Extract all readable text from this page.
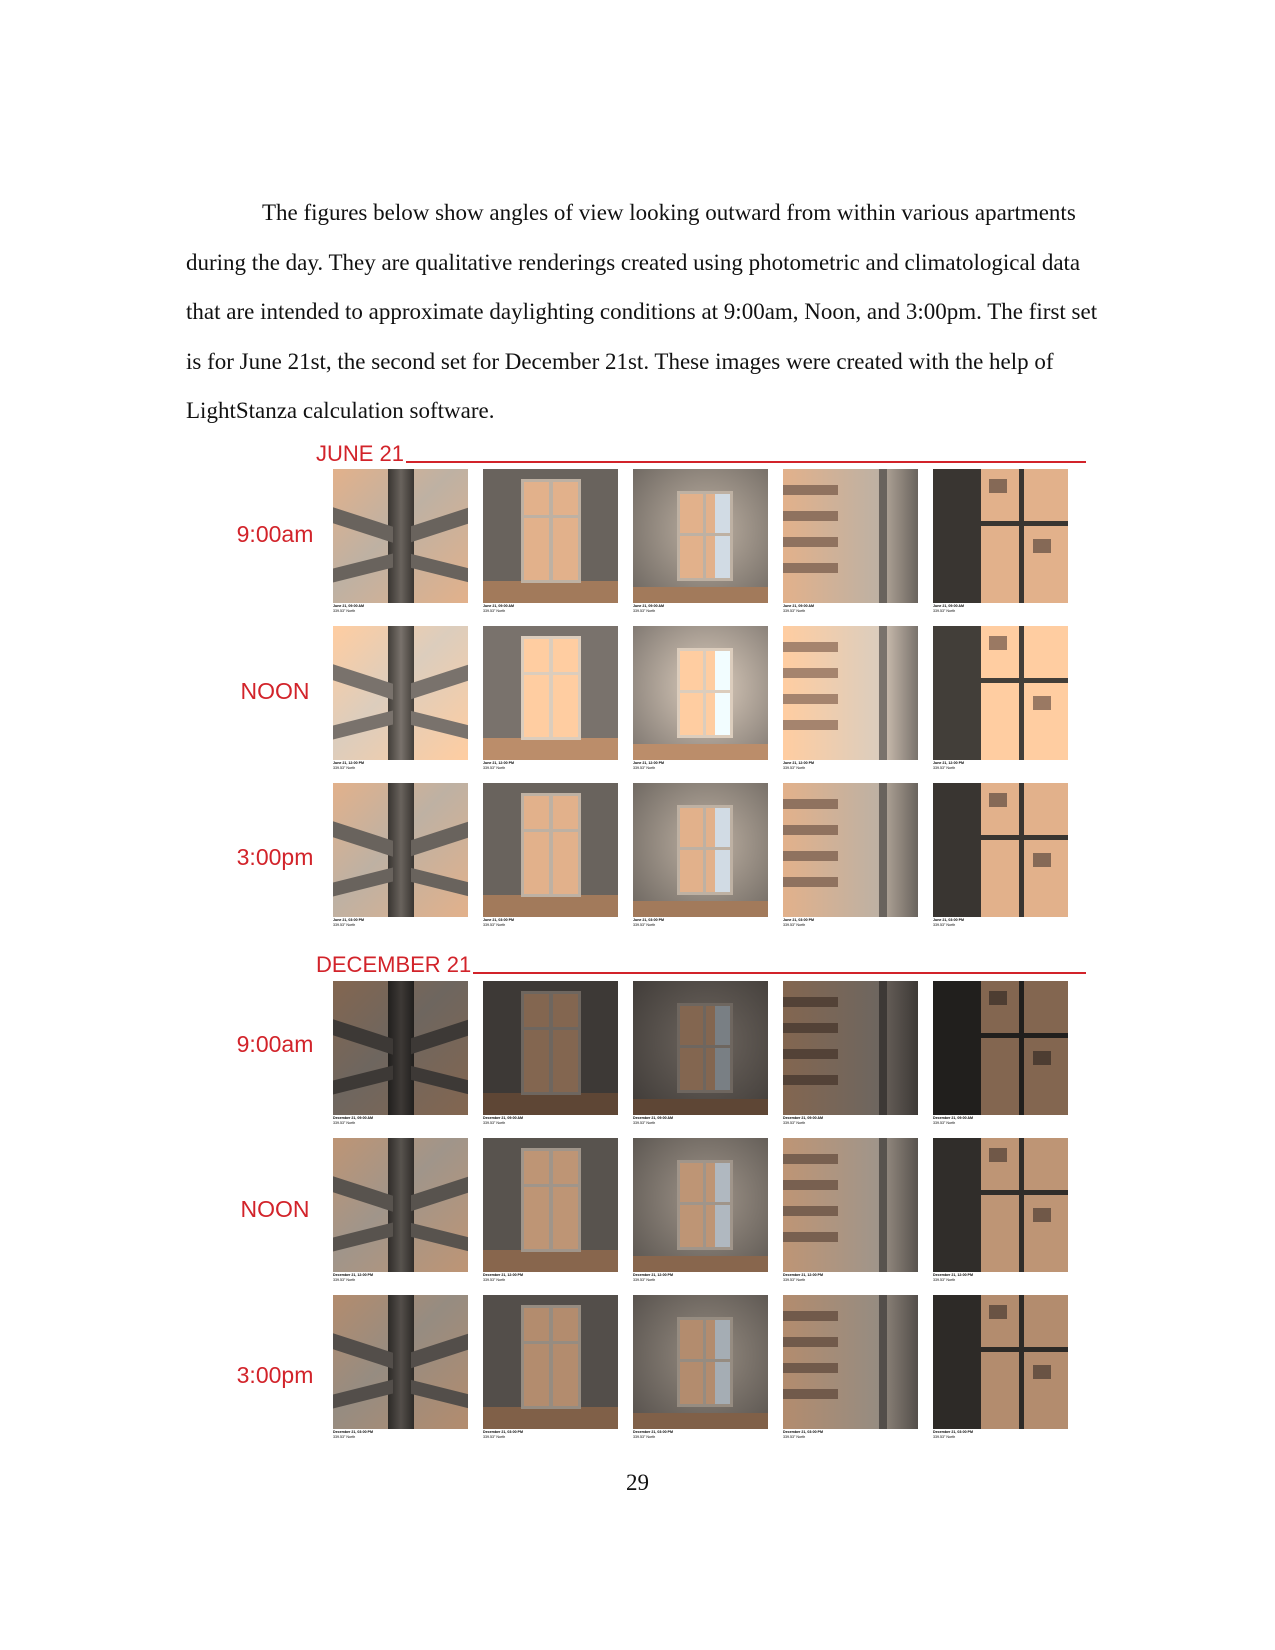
The figures below show angles of view looking outward from within various apartments during the day. They are qualitative renderings created using photometric and climatological data that are intended to approximate daylighting conditions at 9:00am, Noon, and 3:00pm. The first set is for June 21st, the second set for December 21st. These images were created with the help of LightStanza calculation software.

JUNE 21
9:00am
NOON
3:00pm
DECEMBER 21
9:00am
NOON
3:00pm
June 21, 09:00 AM
339.53° North
June 21, 09:00 AM
339.53° North
June 21, 09:00 AM
339.53° North
June 21, 09:00 AM
339.53° North
June 21, 09:00 AM
339.53° North
June 21, 12:00 PM
339.53° North
June 21, 12:00 PM
339.53° North
June 21, 12:00 PM
339.53° North
June 21, 12:00 PM
339.53° North
June 21, 12:00 PM
339.53° North
June 21, 03:00 PM
339.53° North
June 21, 03:00 PM
339.53° North
June 21, 03:00 PM
339.53° North
June 21, 03:00 PM
339.53° North
June 21, 03:00 PM
339.53° North
December 21, 09:00 AM
339.53° North
December 21, 09:00 AM
339.53° North
December 21, 09:00 AM
339.53° North
December 21, 09:00 AM
339.53° North
December 21, 09:00 AM
339.53° North
December 21, 12:00 PM
339.53° North
December 21, 12:00 PM
339.53° North
December 21, 12:00 PM
339.53° North
December 21, 12:00 PM
339.53° North
December 21, 12:00 PM
339.53° North
December 21, 03:00 PM
339.53° North
December 21, 03:00 PM
339.53° North
December 21, 03:00 PM
339.53° North
December 21, 03:00 PM
339.53° North
December 21, 03:00 PM
339.53° North
29
